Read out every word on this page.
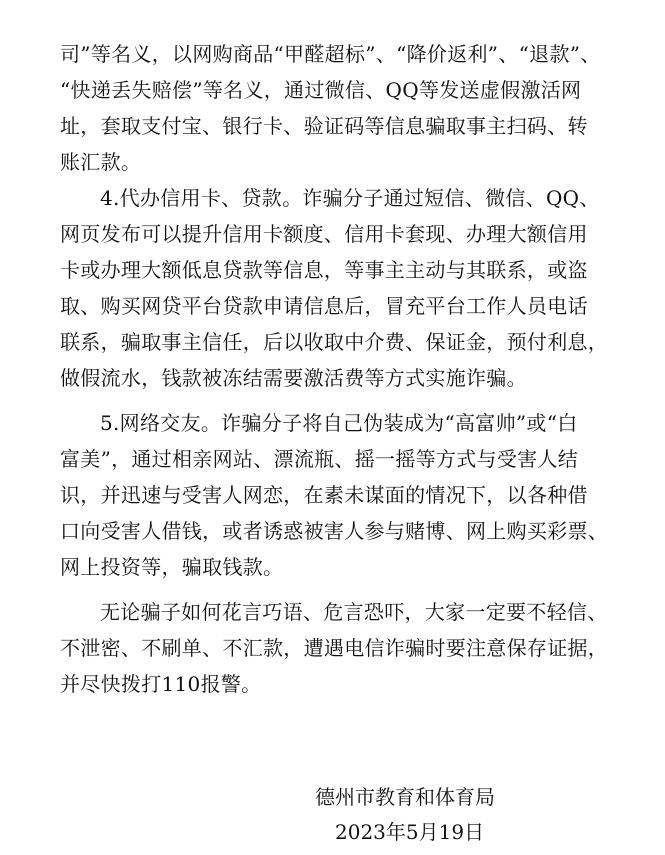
司”等名义，以网购商品“甲醛超标”、“降价返利”、“退款”、
“快递丢失赔偿”等名义，通过微信、QQ等发送虚假激活网
址，套取支付宝、银行卡、验证码等信息骗取事主扫码、转
账汇款。
4.代办信用卡、贷款。诈骗分子通过短信、微信、QQ、
网页发布可以提升信用卡额度、信用卡套现、办理大额信用
卡或办理大额低息贷款等信息，等事主主动与其联系，或盗
取、购买网贷平台贷款申请信息后，冒充平台工作人员电话
联系，骗取事主信任，后以收取中介费、保证金，预付利息，
做假流水，钱款被冻结需要激活费等方式实施诈骗。
5.网络交友。诈骗分子将自己伪装成为“高富帅”或“白
富美”，通过相亲网站、漂流瓶、摇一摇等方式与受害人结
识，并迅速与受害人网恋，在素未谋面的情况下，以各种借
口向受害人借钱，或者诱惑被害人参与赌博、网上购买彩票、
网上投资等，骗取钱款。
无论骗子如何花言巧语、危言恐吓，大家一定要不轻信、
不泄密、不刷单、不汇款，遭遇电信诈骗时要注意保存证据，
并尽快拨打110报警。
德州市教育和体育局
2023年5月19日
